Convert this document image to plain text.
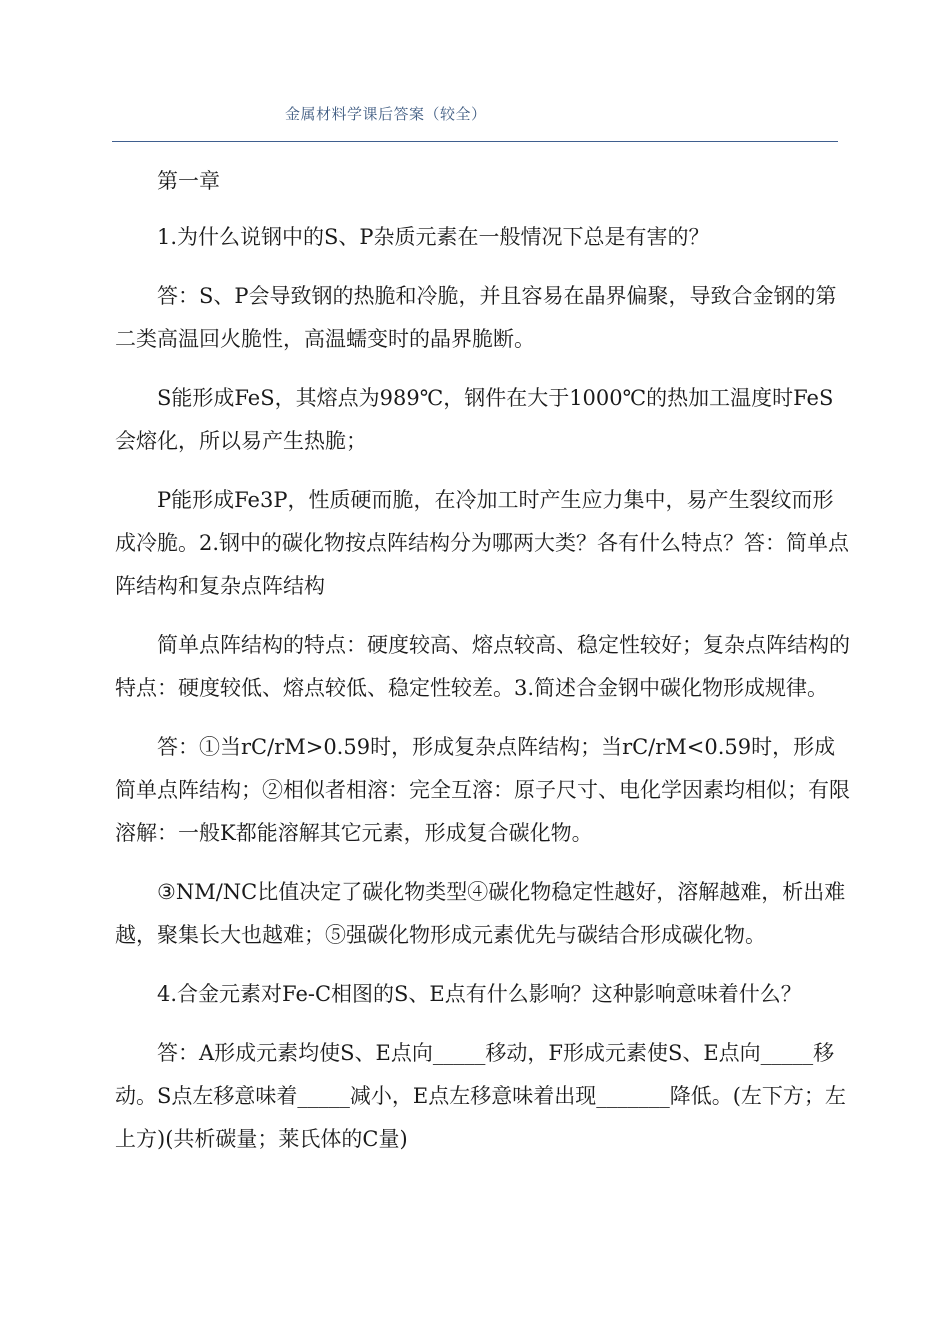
金属材料学课后答案（较全）

第一章

1.为什么说钢中的S、P杂质元素在一般情况下总是有害的？

答：S、P会导致钢的热脆和冷脆，并且容易在晶界偏聚，导致合金钢的第二类高温回火脆性，高温蠕变时的晶界脆断。

S能形成FeS，其熔点为989℃，钢件在大于1000℃的热加工温度时FeS会熔化，所以易产生热脆；

P能形成Fe3P，性质硬而脆，在冷加工时产生应力集中，易产生裂纹而形成冷脆。2.钢中的碳化物按点阵结构分为哪两大类？各有什么特点？答：简单点阵结构和复杂点阵结构

简单点阵结构的特点：硬度较高、熔点较高、稳定性较好；复杂点阵结构的特点：硬度较低、熔点较低、稳定性较差。3.简述合金钢中碳化物形成规律。

答：①当rC/rM>0.59时，形成复杂点阵结构；当rC/rM<0.59时，形成简单点阵结构；②相似者相溶：完全互溶：原子尺寸、电化学因素均相似；有限溶解：一般K都能溶解其它元素，形成复合碳化物。

③NM/NC比值决定了碳化物类型④碳化物稳定性越好，溶解越难，析出难越，聚集长大也越难；⑤强碳化物形成元素优先与碳结合形成碳化物。

4.合金元素对Fe-C相图的S、E点有什么影响？这种影响意味着什么？

答：A形成元素均使S、E点向_____移动，F形成元素使S、E点向_____移动。S点左移意味着_____减小，E点左移意味着出现_______降低。(左下方；左上方)(共析碳量；莱氏体的C量)
